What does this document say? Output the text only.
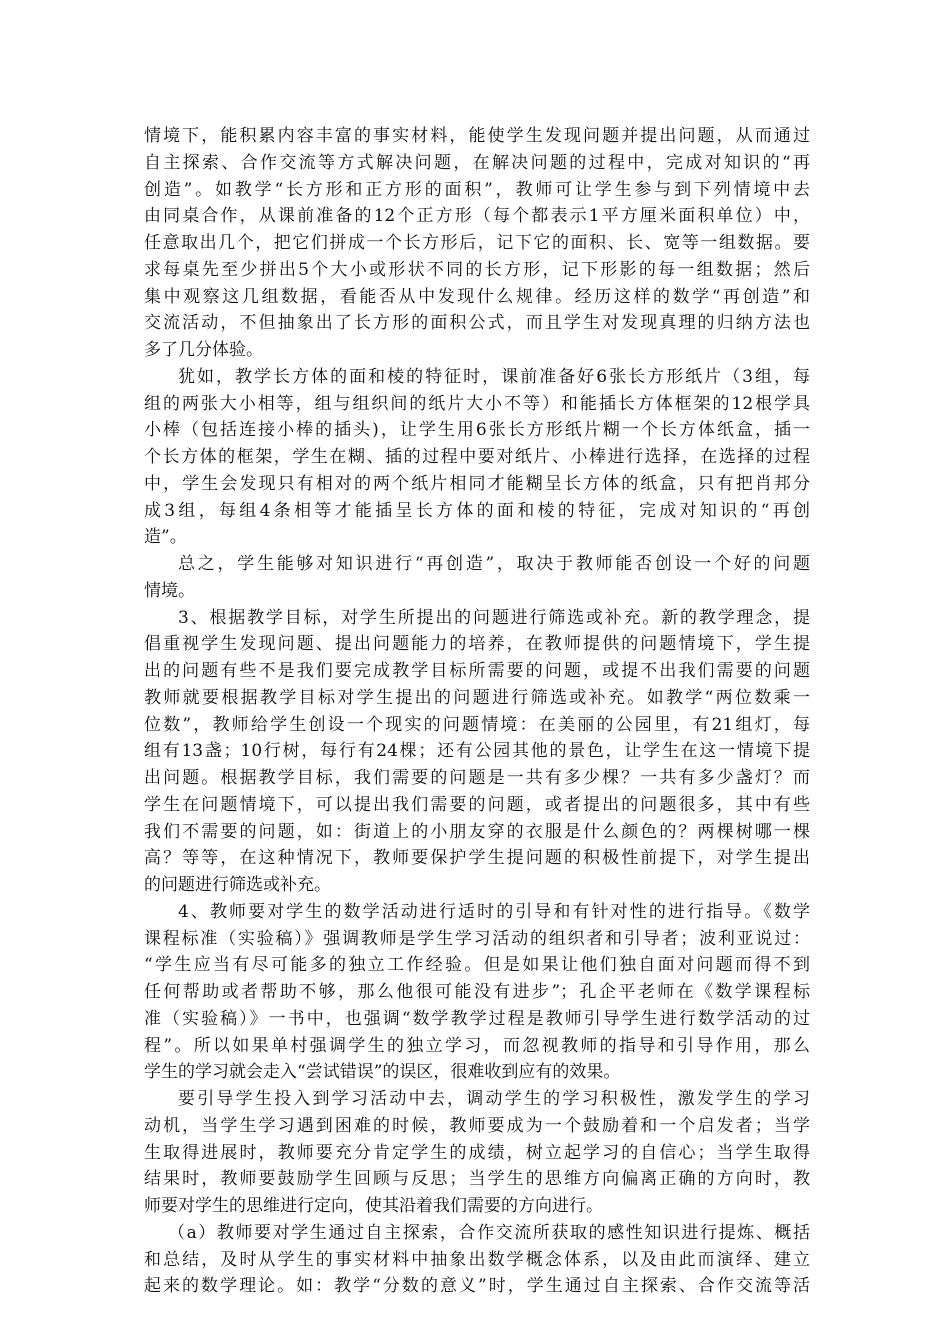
情境下，能积累内容丰富的事实材料，能使学生发现问题并提出问题，从而通过
自主探索、合作交流等方式解决问题，在解决问题的过程中，完成对知识的“再
创造”。如教学“长方形和正方形的面积”，教师可让学生参与到下列情境中去
由同桌合作，从课前准备的12个正方形（每个都表示1平方厘米面积单位）中，
任意取出几个，把它们拼成一个长方形后，记下它的面积、长、宽等一组数据。要
求每桌先至少拼出5个大小或形状不同的长方形，记下形影的每一组数据；然后
集中观察这几组数据，看能否从中发现什么规律。经历这样的数学“再创造”和
交流活动，不但抽象出了长方形的面积公式，而且学生对发现真理的归纳方法也
多了几分体验。
犹如，教学长方体的面和棱的特征时，课前准备好6张长方形纸片（3组，每
组的两张大小相等，组与组织间的纸片大小不等）和能插长方体框架的12根学具
小棒（包括连接小棒的插头)，让学生用6张长方形纸片糊一个长方体纸盒，插一
个长方体的框架，学生在糊、插的过程中要对纸片、小棒进行选择，在选择的过程
中，学生会发现只有相对的两个纸片相同才能糊呈长方体的纸盒，只有把肖邦分
成3组，每组4条相等才能插呈长方体的面和棱的特征，完成对知识的“再创
造”。
总之，学生能够对知识进行“再创造”，取决于教师能否创设一个好的问题
情境。
3、根据教学目标，对学生所提出的问题进行筛选或补充。新的教学理念，提
倡重视学生发现问题、提出问题能力的培养，在教师提供的问题情境下，学生提
出的问题有些不是我们要完成教学目标所需要的问题，或提不出我们需要的问题
教师就要根据教学目标对学生提出的问题进行筛选或补充。如教学“两位数乘一
位数”，教师给学生创设一个现实的问题情境：在美丽的公园里，有21组灯，每
组有13盏；10行树，每行有24棵；还有公园其他的景色，让学生在这一情境下提
出问题。根据教学目标，我们需要的问题是一共有多少棵？一共有多少盏灯？而
学生在问题情境下，可以提出我们需要的问题，或者提出的问题很多，其中有些
我们不需要的问题，如：街道上的小朋友穿的衣服是什么颜色的？两棵树哪一棵
高？等等，在这种情况下，教师要保护学生提问题的积极性前提下，对学生提出
的问题进行筛选或补充。
4、教师要对学生的数学活动进行适时的引导和有针对性的进行指导。《数学
课程标准（实验稿）》强调教师是学生学习活动的组织者和引导者；波利亚说过：
“学生应当有尽可能多的独立工作经验。但是如果让他们独自面对问题而得不到
任何帮助或者帮助不够，那么他很可能没有进步”；孔企平老师在《数学课程标
准（实验稿）》一书中，也强调“数学教学过程是教师引导学生进行数学活动的过
程”。所以如果单村强调学生的独立学习，而忽视教师的指导和引导作用，那么
学生的学习就会走入“尝试错误”的误区，很难收到应有的效果。
要引导学生投入到学习活动中去，调动学生的学习积极性，激发学生的学习
动机，当学生学习遇到困难的时候，教师要成为一个鼓励着和一个启发者；当学
生取得进展时，教师要充分肯定学生的成绩，树立起学习的自信心；当学生取得
结果时，教师要鼓励学生回顾与反思；当学生的思维方向偏离正确的方向时，教
师要对学生的思维进行定向，使其沿着我们需要的方向进行。
（a）教师要对学生通过自主探索，合作交流所获取的感性知识进行提炼、概括
和总结，及时从学生的事实材料中抽象出数学概念体系，以及由此而演绎、建立
起来的数学理论。如：教学“分数的意义”时，学生通过自主探索、合作交流等活
